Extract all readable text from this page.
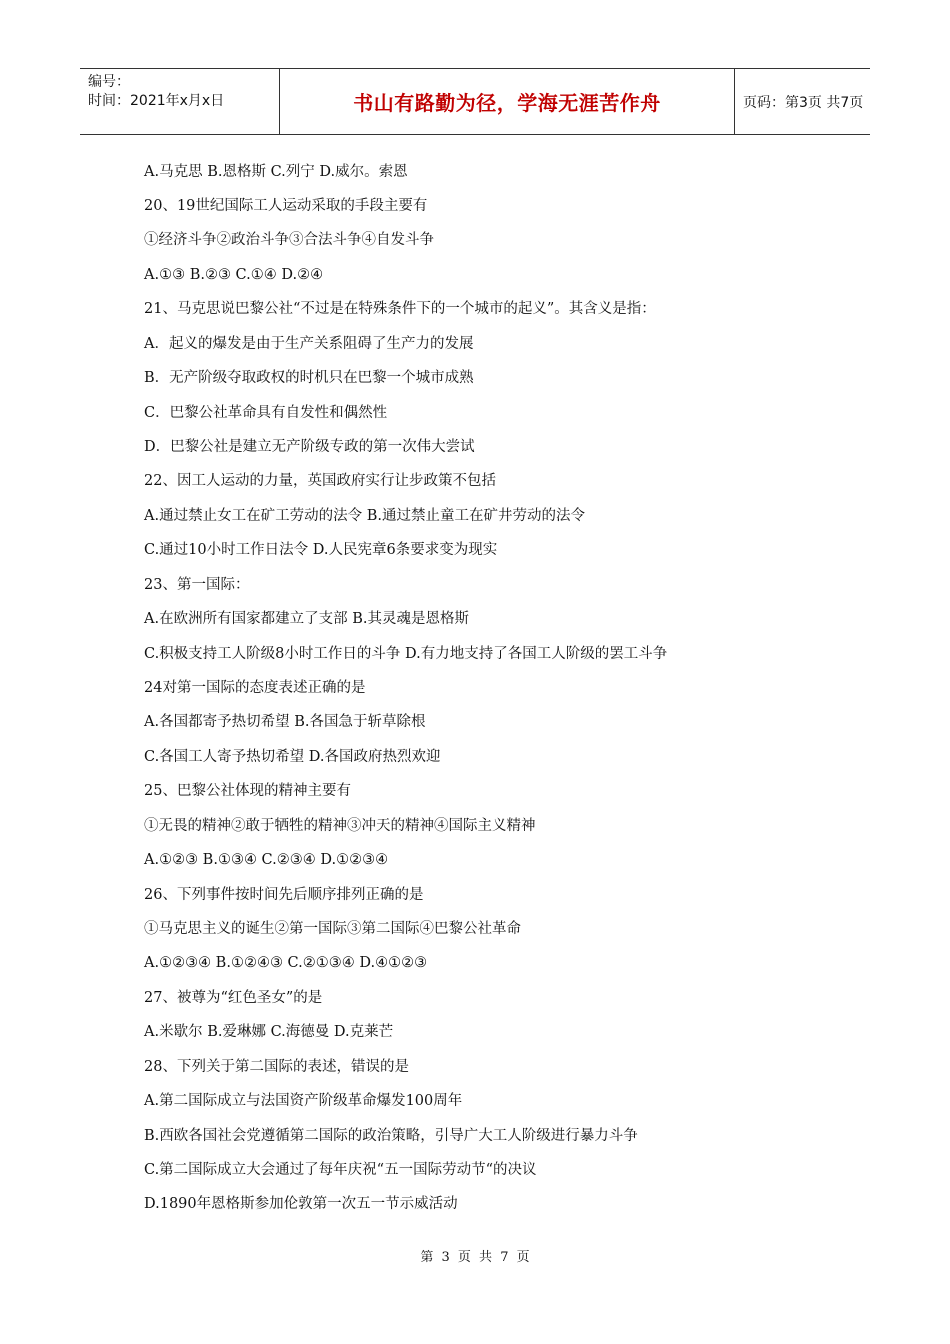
编号：
时间：2021年x月x日	书山有路勤为径，学海无涯苦作舟	页码：第3页 共7页
A.马克思 B.恩格斯 C.列宁 D.威尔。索恩
20、19世纪国际工人运动采取的手段主要有
①经济斗争②政治斗争③合法斗争④自发斗争
A.①③ B.②③ C.①④ D.②④
21、马克思说巴黎公社“不过是在特殊条件下的一个城市的起义”。其含义是指：
A．起义的爆发是由于生产关系阻碍了生产力的发展
B．无产阶级夺取政权的时机只在巴黎一个城市成熟
C．巴黎公社革命具有自发性和偶然性
D．巴黎公社是建立无产阶级专政的第一次伟大尝试
22、因工人运动的力量，英国政府实行让步政策不包括
A.通过禁止女工在矿工劳动的法令 B.通过禁止童工在矿井劳动的法令
C.通过10小时工作日法令 D.人民宪章6条要求变为现实
23、第一国际：
A.在欧洲所有国家都建立了支部 B.其灵魂是恩格斯
C.积极支持工人阶级8小时工作日的斗争 D.有力地支持了各国工人阶级的罢工斗争
24对第一国际的态度表述正确的是
A.各国都寄予热切希望 B.各国急于斩草除根
C.各国工人寄予热切希望 D.各国政府热烈欢迎
25、巴黎公社体现的精神主要有
①无畏的精神②敢于牺牲的精神③冲天的精神④国际主义精神
A.①②③ B.①③④ C.②③④ D.①②③④
26、下列事件按时间先后顺序排列正确的是
①马克思主义的诞生②第一国际③第二国际④巴黎公社革命
A.①②③④ B.①②④③ C.②①③④ D.④①②③
27、被尊为“红色圣女”的是
A.米歇尔 B.爱琳娜 C.海德曼 D.克莱芒
28、下列关于第二国际的表述，错误的是
A.第二国际成立与法国资产阶级革命爆发100周年
B.西欧各国社会党遵循第二国际的政治策略，引导广大工人阶级进行暴力斗争
C.第二国际成立大会通过了每年庆祝“五一国际劳动节“的决议
D.1890年恩格斯参加伦敦第一次五一节示威活动
第 3 页 共 7 页
